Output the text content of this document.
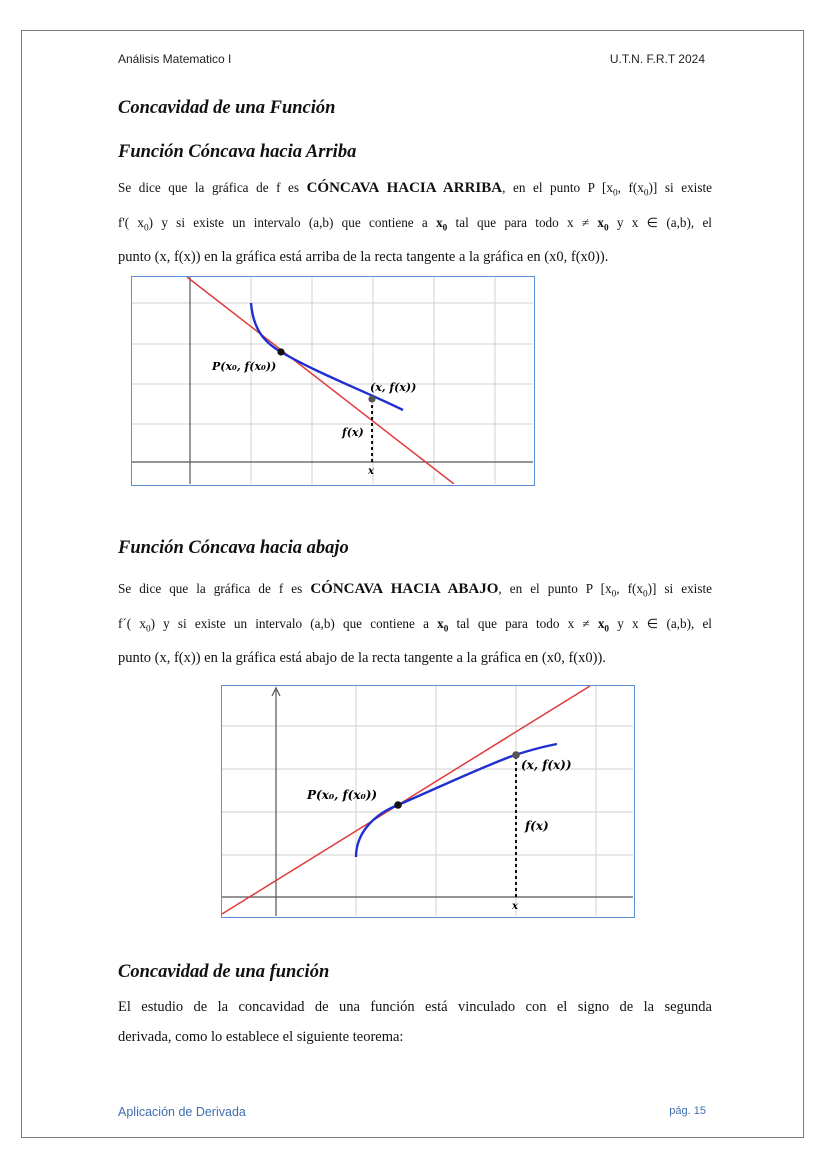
Análisis Matematico I	U.T.N. F.R.T 2024
Concavidad de una Función
Función Cóncava hacia Arriba
Se dice que la gráfica de f es CÓNCAVA HACIA ARRIBA, en el punto P [$x_0$, $f(x_0)$] si existe
f'( $x_0$) y si existe un intervalo (a,b) que contiene a $x_0$ tal que para todo $x \ne x_0$ y x ∈ (a,b), el
punto (x, f(x)) en la gráfica está arriba de la recta tangente a la gráfica en (x0, f(x0)).
P(x₀, f(x₀))
(x, f(x))
f(x)
x
Función Cóncava hacia abajo
Se dice que la gráfica de f es CÓNCAVA HACIA ABAJO, en el punto P [$x_0$, $f(x_0)$] si existe
f´( $x_0$) y si existe un intervalo (a,b) que contiene a $x_0$ tal que para todo $x \ne x_0$ y x ∈ (a,b), el
punto (x, f(x)) en la gráfica está abajo de la recta tangente a la gráfica en (x0, f(x0)).
P(x₀, f(x₀))
(x, f(x))
f(x)
x
Concavidad de una función
El estudio de la concavidad de una función está vinculado con el signo de la segunda
derivada, como lo establece el siguiente teorema:
Aplicación de Derivada	pág. 15
